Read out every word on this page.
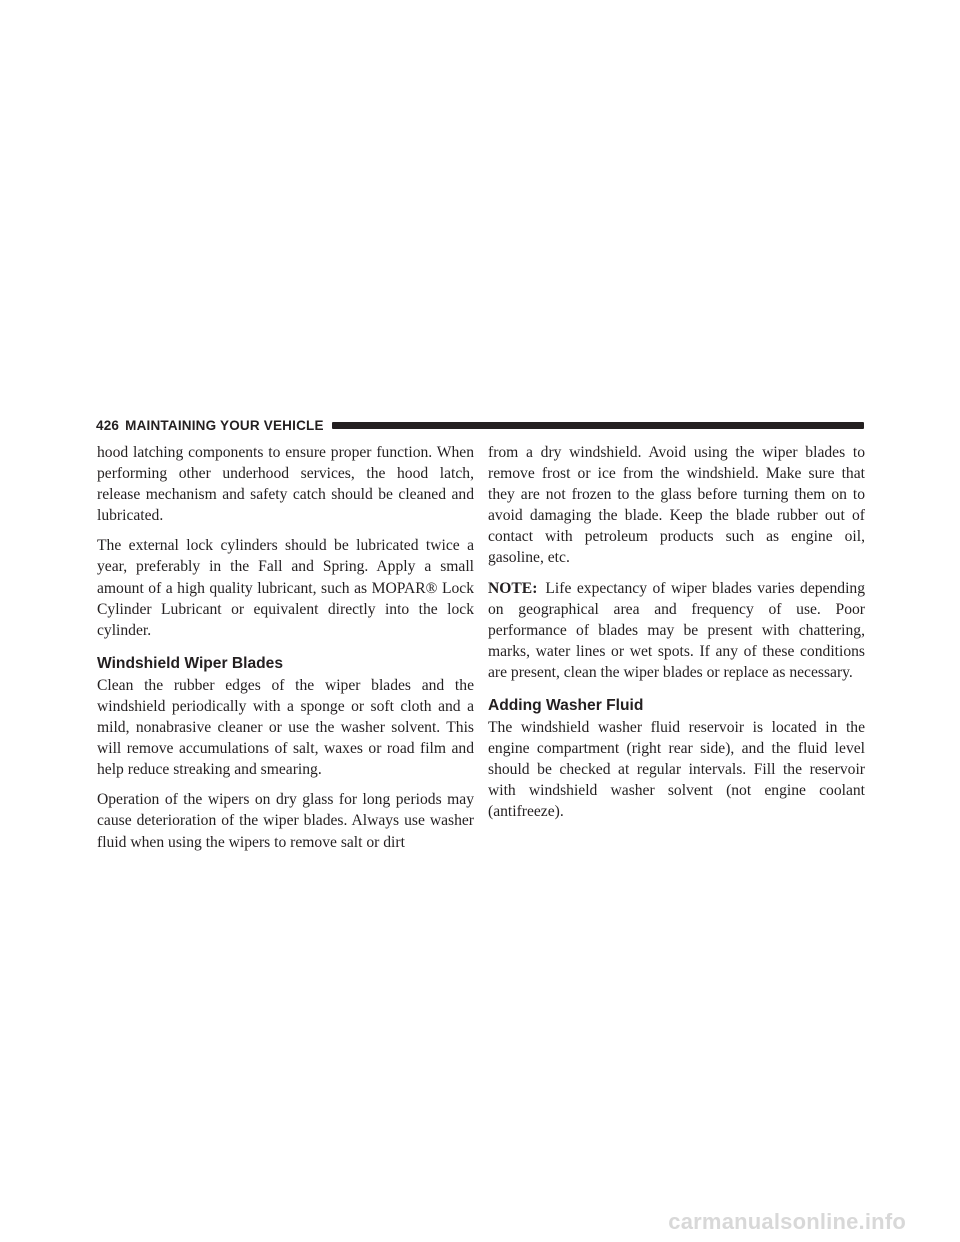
426 MAINTAINING YOUR VEHICLE

hood latching components to ensure proper function. When performing other underhood services, the hood latch, release mechanism and safety catch should be cleaned and lubricated.

The external lock cylinders should be lubricated twice a year, preferably in the Fall and Spring. Apply a small amount of a high quality lubricant, such as MOPAR® Lock Cylinder Lubricant or equivalent directly into the lock cylinder.

Windshield Wiper Blades

Clean the rubber edges of the wiper blades and the windshield periodically with a sponge or soft cloth and a mild, nonabrasive cleaner or use the washer solvent. This will remove accumulations of salt, waxes or road film and help reduce streaking and smearing.

Operation of the wipers on dry glass for long periods may cause deterioration of the wiper blades. Always use washer fluid when using the wipers to remove salt or dirt

from a dry windshield. Avoid using the wiper blades to remove frost or ice from the windshield. Make sure that they are not frozen to the glass before turning them on to avoid damaging the blade. Keep the blade rubber out of contact with petroleum products such as engine oil, gasoline, etc.

NOTE: Life expectancy of wiper blades varies depending on geographical area and frequency of use. Poor performance of blades may be present with chattering, marks, water lines or wet spots. If any of these conditions are present, clean the wiper blades or replace as necessary.

Adding Washer Fluid

The windshield washer fluid reservoir is located in the engine compartment (right rear side), and the fluid level should be checked at regular intervals. Fill the reservoir with windshield washer solvent (not engine coolant (antifreeze).

carmanualsonline.info
